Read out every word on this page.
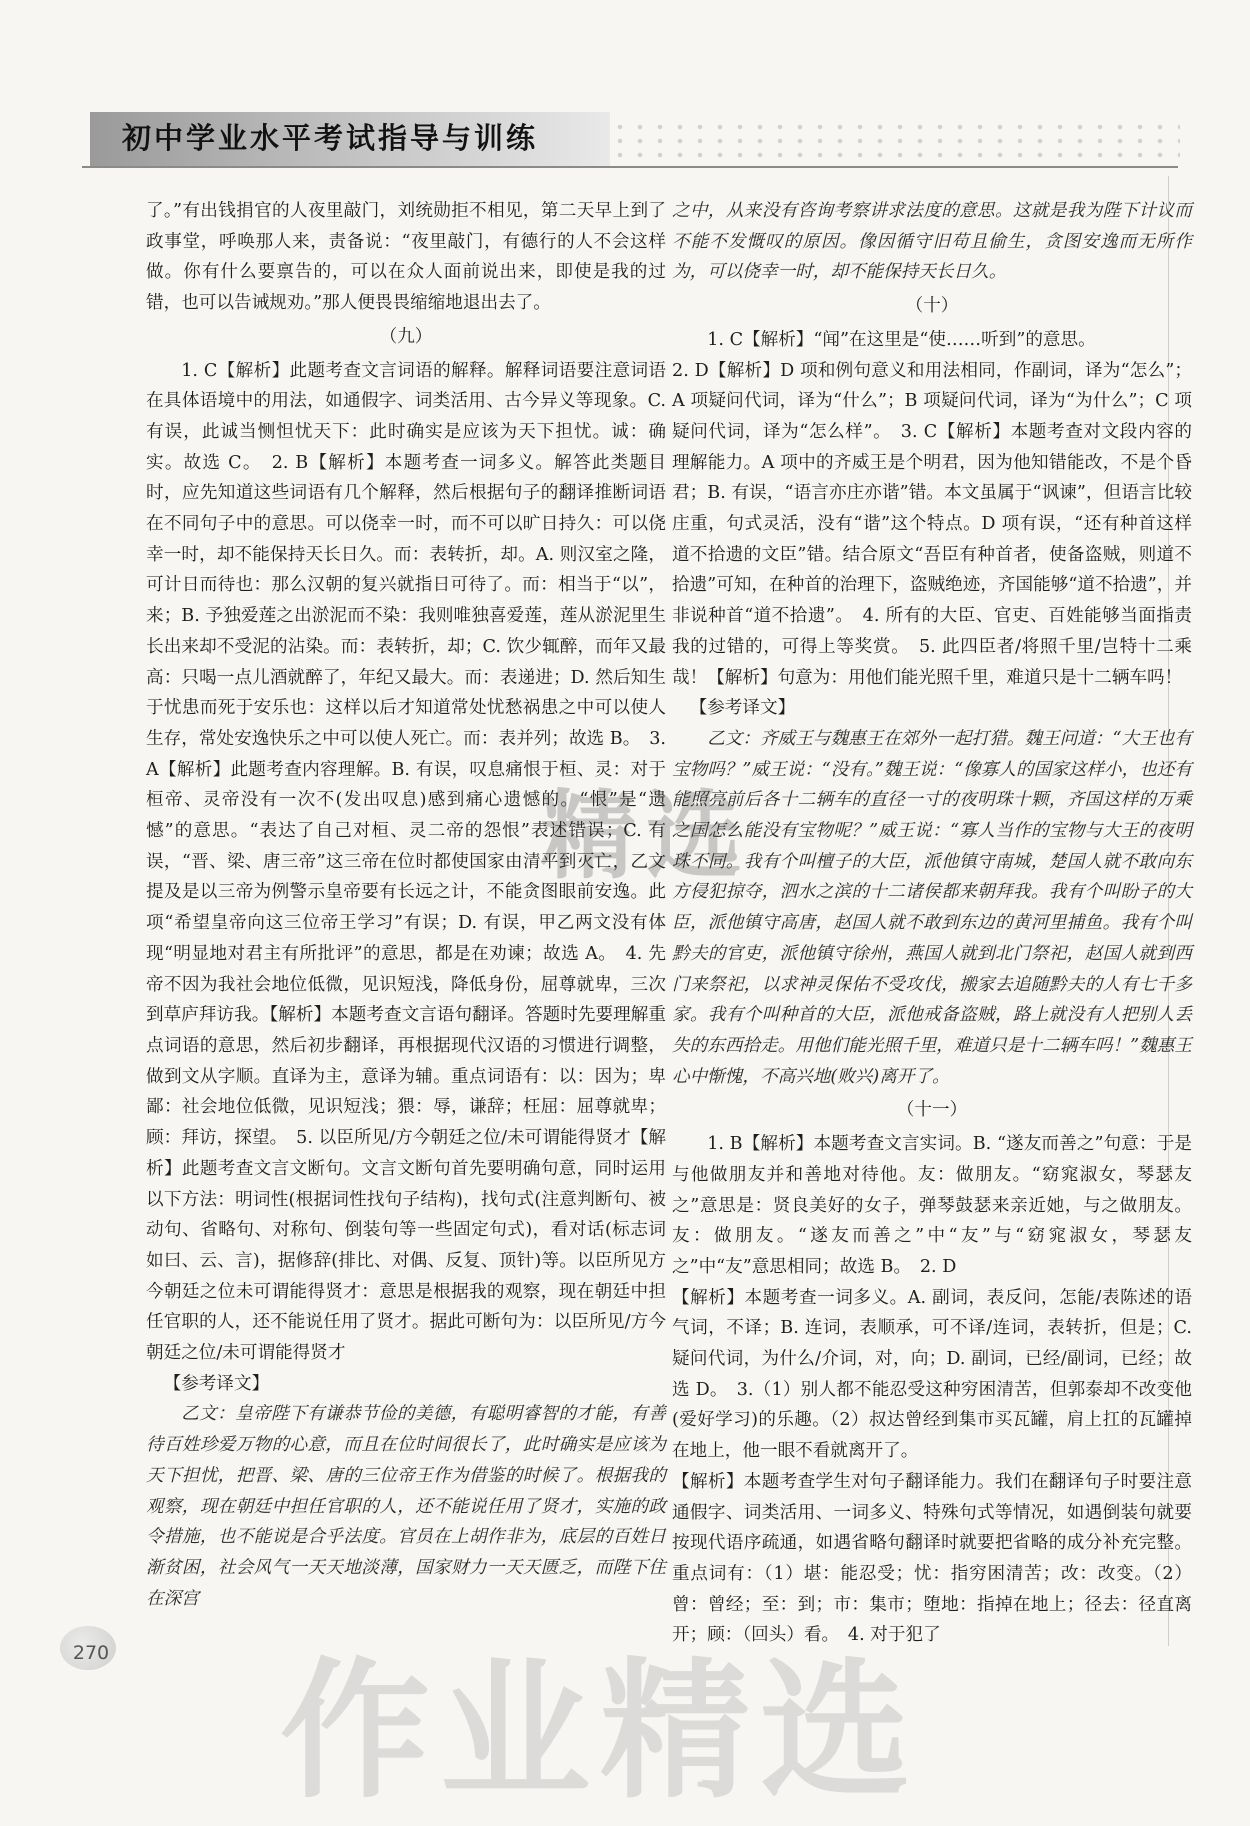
初中学业水平考试指导与训练

了。”有出钱捐官的人夜里敲门，刘统勋拒不相见，第二天早上到了政事堂，呼唤那人来，责备说：“夜里敲门，有德行的人不会这样做。你有什么要禀告的，可以在众人面前说出来，即使是我的过错，也可以告诫规劝。”那人便畏畏缩缩地退出去了。

（九）

1. C【解析】此题考查文言词语的解释。解释词语要注意词语在具体语境中的用法，如通假字、词类活用、古今异义等现象。C. 有误，此诚当恻怛忧天下：此时确实是应该为天下担忧。诚：确实。故选 C。　2. B【解析】本题考查一词多义。解答此类题目时，应先知道这些词语有几个解释，然后根据句子的翻译推断词语在不同句子中的意思。可以侥幸一时，而不可以旷日持久：可以侥幸一时，却不能保持天长日久。而：表转折，却。A. 则汉室之隆，可计日而待也：那么汉朝的复兴就指日可待了。而：相当于“以”，来；B. 予独爱莲之出淤泥而不染：我则唯独喜爱莲，莲从淤泥里生长出来却不受泥的沾染。而：表转折，却；C. 饮少辄醉，而年又最高：只喝一点儿酒就醉了，年纪又最大。而：表递进；D. 然后知生于忧患而死于安乐也：这样以后才知道常处忧愁祸患之中可以使人生存，常处安逸快乐之中可以使人死亡。而：表并列；故选 B。　3. A【解析】此题考查内容理解。B. 有误，叹息痛恨于桓、灵：对于桓帝、灵帝没有一次不(发出叹息)感到痛心遗憾的。“恨”是“遗憾”的意思。“表达了自己对桓、灵二帝的怨恨”表述错误；C. 有误，“晋、梁、唐三帝”这三帝在位时都使国家由清平到灭亡，乙文提及是以三帝为例警示皇帝要有长远之计，不能贪图眼前安逸。此项“希望皇帝向这三位帝王学习”有误；D. 有误，甲乙两文没有体现“明显地对君主有所批评”的意思，都是在劝谏；故选 A。　4. 先帝不因为我社会地位低微，见识短浅，降低身份，屈尊就卑，三次到草庐拜访我。【解析】本题考查文言语句翻译。答题时先要理解重点词语的意思，然后初步翻译，再根据现代汉语的习惯进行调整，做到文从字顺。直译为主，意译为辅。重点词语有：以：因为；卑鄙：社会地位低微，见识短浅；猥：辱，谦辞；枉屈：屈尊就卑；顾：拜访，探望。　5. 以臣所见/方今朝廷之位/未可谓能得贤才【解析】此题考查文言文断句。文言文断句首先要明确句意，同时运用以下方法：明词性(根据词性找句子结构)，找句式(注意判断句、被动句、省略句、对称句、倒装句等一些固定句式)，看对话(标志词如曰、云、言)，据修辞(排比、对偶、反复、顶针)等。以臣所见方今朝廷之位未可谓能得贤才：意思是根据我的观察，现在朝廷中担任官职的人，还不能说任用了贤才。据此可断句为：以臣所见/方今朝廷之位/未可谓能得贤才

【参考译文】

乙文：皇帝陛下有谦恭节俭的美德，有聪明睿智的才能，有善待百姓珍爱万物的心意，而且在位时间很长了，此时确实是应该为天下担忧，把晋、梁、唐的三位帝王作为借鉴的时候了。根据我的观察，现在朝廷中担任官职的人，还不能说任用了贤才，实施的政令措施，也不能说是合乎法度。官员在上胡作非为，底层的百姓日渐贫困，社会风气一天天地淡薄，国家财力一天天匮乏，而陛下住在深宫

之中，从来没有咨询考察讲求法度的意思。这就是我为陛下计议而不能不发慨叹的原因。像因循守旧苟且偷生，贪图安逸而无所作为，可以侥幸一时，却不能保持天长日久。

（十）

1. C【解析】“闻”在这里是“使……听到”的意思。

2. D【解析】D 项和例句意义和用法相同，作副词，译为“怎么”；A 项疑问代词，译为“什么”；B 项疑问代词，译为“为什么”；C 项疑问代词，译为“怎么样”。　3. C【解析】本题考查对文段内容的理解能力。A 项中的齐威王是个明君，因为他知错能改，不是个昏君；B. 有误，“语言亦庄亦谐”错。本文虽属于“讽谏”，但语言比较庄重，句式灵活，没有“谐”这个特点。D 项有误，“还有种首这样道不拾遗的文臣”错。结合原文“吾臣有种首者，使备盗贼，则道不拾遗”可知，在种首的治理下，盗贼绝迹，齐国能够“道不拾遗”，并非说种首“道不拾遗”。　4. 所有的大臣、官吏、百姓能够当面指责我的过错的，可得上等奖赏。　5. 此四臣者/将照千里/岂特十二乘哉！【解析】句意为：用他们能光照千里，难道只是十二辆车吗！

【参考译文】

乙文：齐威王与魏惠王在郊外一起打猎。魏王问道：“大王也有宝物吗？”威王说：“没有。”魏王说：“像寡人的国家这样小，也还有能照亮前后各十二辆车的直径一寸的夜明珠十颗，齐国这样的万乘之国怎么能没有宝物呢？”威王说：“寡人当作的宝物与大王的夜明珠不同。我有个叫檀子的大臣，派他镇守南城，楚国人就不敢向东方侵犯掠夺，泗水之滨的十二诸侯都来朝拜我。我有个叫盼子的大臣，派他镇守高唐，赵国人就不敢到东边的黄河里捕鱼。我有个叫黔夫的官吏，派他镇守徐州，燕国人就到北门祭祀，赵国人就到西门来祭祀，以求神灵保佑不受攻伐，搬家去追随黔夫的人有七千多家。我有个叫种首的大臣，派他戒备盗贼，路上就没有人把别人丢失的东西拾走。用他们能光照千里，难道只是十二辆车吗！”魏惠王心中惭愧，不高兴地(败兴)离开了。

（十一）

1. B【解析】本题考查文言实词。B. “遂友而善之”句意：于是与他做朋友并和善地对待他。友：做朋友。“窈窕淑女，琴瑟友之”意思是：贤良美好的女子，弹琴鼓瑟来亲近她，与之做朋友。友：做朋友。“遂友而善之”中“友”与“窈窕淑女，琴瑟友之”中“友”意思相同；故选 B。　2. D

【解析】本题考查一词多义。A. 副词，表反问，怎能/表陈述的语气词，不译；B. 连词，表顺承，可不译/连词，表转折，但是；C. 疑问代词，为什么/介词，对，向；D. 副词，已经/副词，已经；故选 D。　3.（1）别人都不能忍受这种穷困清苦，但郭泰却不改变他(爱好学习)的乐趣。（2）叔达曾经到集市买瓦罐，肩上扛的瓦罐掉在地上，他一眼不看就离开了。

【解析】本题考查学生对句子翻译能力。我们在翻译句子时要注意通假字、词类活用、一词多义、特殊句式等情况，如遇倒装句就要按现代语序疏通，如遇省略句翻译时就要把省略的成分补充完整。重点词有：（1）堪：能忍受；忧：指穷困清苦；改：改变。（2）曾：曾经；至：到；市：集市；堕地：指掉在地上；径去：径直离开；顾：（回头）看。　4. 对于犯了

精选
作业精选
270
